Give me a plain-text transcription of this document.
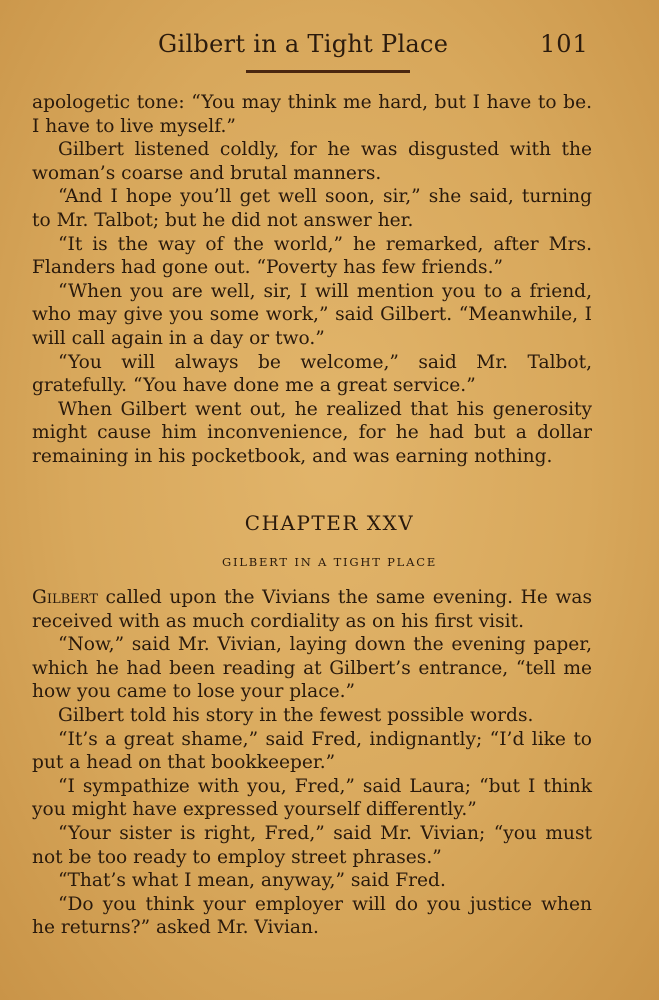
Gilbert in a Tight Place	101

apologetic tone: “You may think me hard, but I have to be. I have to live myself.”

Gilbert listened coldly, for he was disgusted with the woman’s coarse and brutal manners.

“And I hope you’ll get well soon, sir,” she said, turning to Mr. Talbot; but he did not answer her.

“It is the way of the world,” he remarked, after Mrs. Flanders had gone out. “Poverty has few friends.”

“When you are well, sir, I will mention you to a friend, who may give you some work,” said Gilbert. “Meanwhile, I will call again in a day or two.”

“You will always be welcome,” said Mr. Talbot, gratefully. “You have done me a great service.”

When Gilbert went out, he realized that his generosity might cause him inconvenience, for he had but a dollar remaining in his pocketbook, and was earning nothing.

CHAPTER XXV
GILBERT IN A TIGHT PLACE

Gilbert called upon the Vivians the same evening. He was received with as much cordiality as on his first visit.

“Now,” said Mr. Vivian, laying down the evening paper, which he had been reading at Gilbert’s entrance, “tell me how you came to lose your place.”

Gilbert told his story in the fewest possible words.

“It’s a great shame,” said Fred, indignantly; “I’d like to put a head on that bookkeeper.”

“I sympathize with you, Fred,” said Laura; “but I think you might have expressed yourself differently.”

“Your sister is right, Fred,” said Mr. Vivian; “you must not be too ready to employ street phrases.”

“That’s what I mean, anyway,” said Fred.

“Do you think your employer will do you justice when he returns?” asked Mr. Vivian.
